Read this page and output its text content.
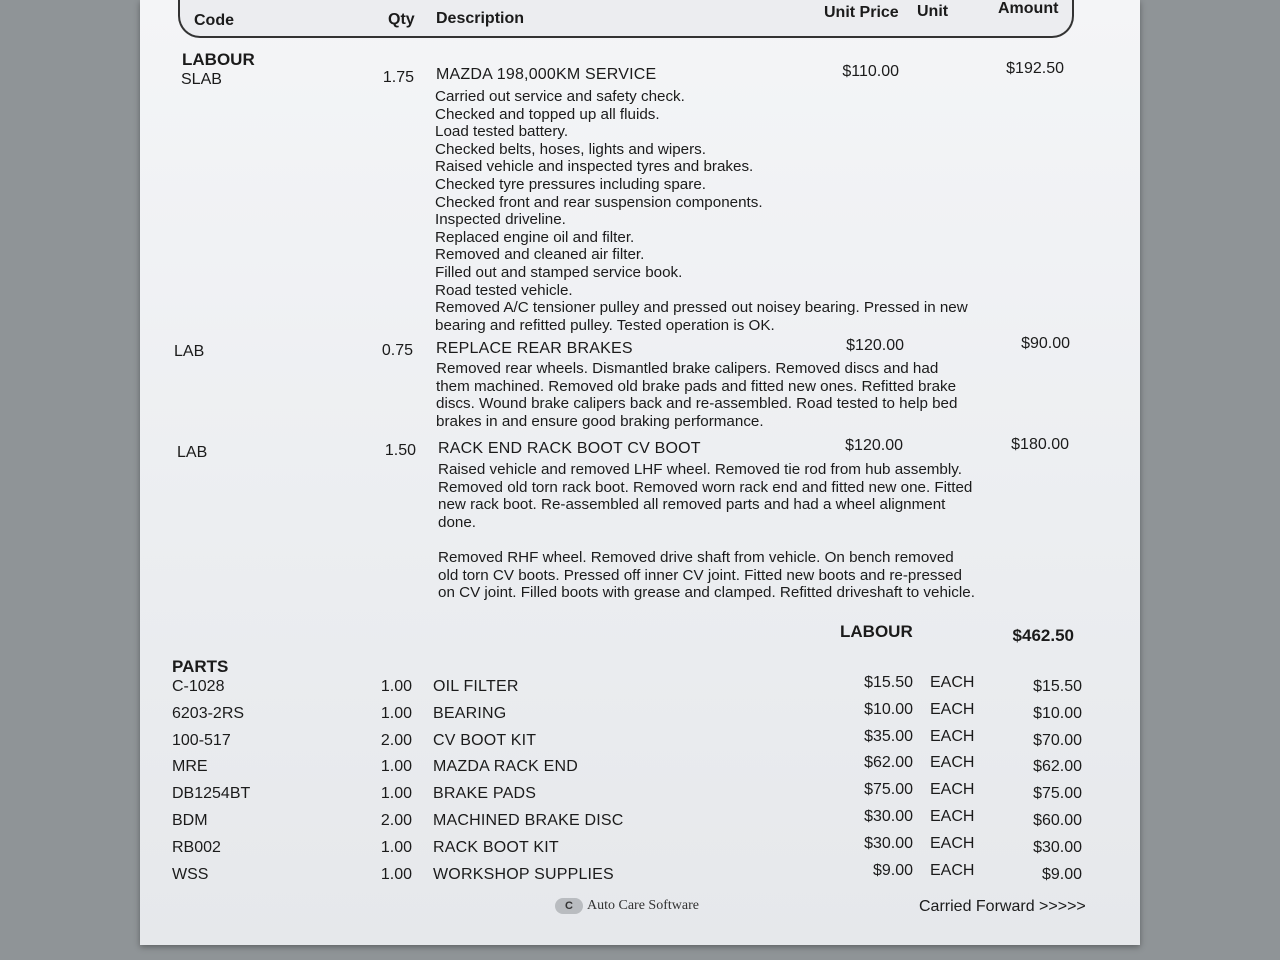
Code	Qty Description	Unit Price Unit	Amount
LABOUR
SLAB	1.75 MAZDA 198,000KM SERVICE	$110.00	$192.50
Carried out service and safety check.
Checked and topped up all fluids.
Load tested battery.
Checked belts, hoses, lights and wipers.
Raised vehicle and inspected tyres and brakes.
Checked tyre pressures including spare.
Checked front and rear suspension components.
Inspected driveline.
Replaced engine oil and filter.
Removed and cleaned air filter.
Filled out and stamped service book.
Road tested vehicle.
Removed A/C tensioner pulley and pressed out noisey bearing. Pressed in new bearing and refitted pulley. Tested operation is OK.
LAB	0.75 REPLACE REAR BRAKES	$120.00	$90.00
Removed rear wheels. Dismantled brake calipers. Removed discs and had them machined. Removed old brake pads and fitted new ones. Refitted brake discs. Wound brake calipers back and re-assembled. Road tested to help bed brakes in and ensure good braking performance.
LAB	1.50 RACK END RACK BOOT CV BOOT	$120.00	$180.00
Raised vehicle and removed LHF wheel. Removed tie rod from hub assembly. Removed old torn rack boot. Removed worn rack end and fitted new one. Fitted new rack boot. Re-assembled all removed parts and had a wheel alignment done.

Removed RHF wheel. Removed drive shaft from vehicle. On bench removed old torn CV boots. Pressed off inner CV joint. Fitted new boots and re-pressed on CV joint. Filled boots with grease and clamped. Refitted driveshaft to vehicle.
LABOUR	$462.50
PARTS
C-1028	1.00 OIL FILTER	$15.50 EACH	$15.50
6203-2RS	1.00 BEARING	$10.00 EACH	$10.00
100-517	2.00 CV BOOT KIT	$35.00 EACH	$70.00
MRE	1.00 MAZDA RACK END	$62.00 EACH	$62.00
DB1254BT	1.00 BRAKE PADS	$75.00 EACH	$75.00
BDM	2.00 MACHINED BRAKE DISC	$30.00 EACH	$60.00
RB002	1.00 RACK BOOT KIT	$30.00 EACH	$30.00
WSS	1.00 WORKSHOP SUPPLIES	$9.00 EACH	$9.00
C	Auto Care Software	Carried Forward >>>>>
